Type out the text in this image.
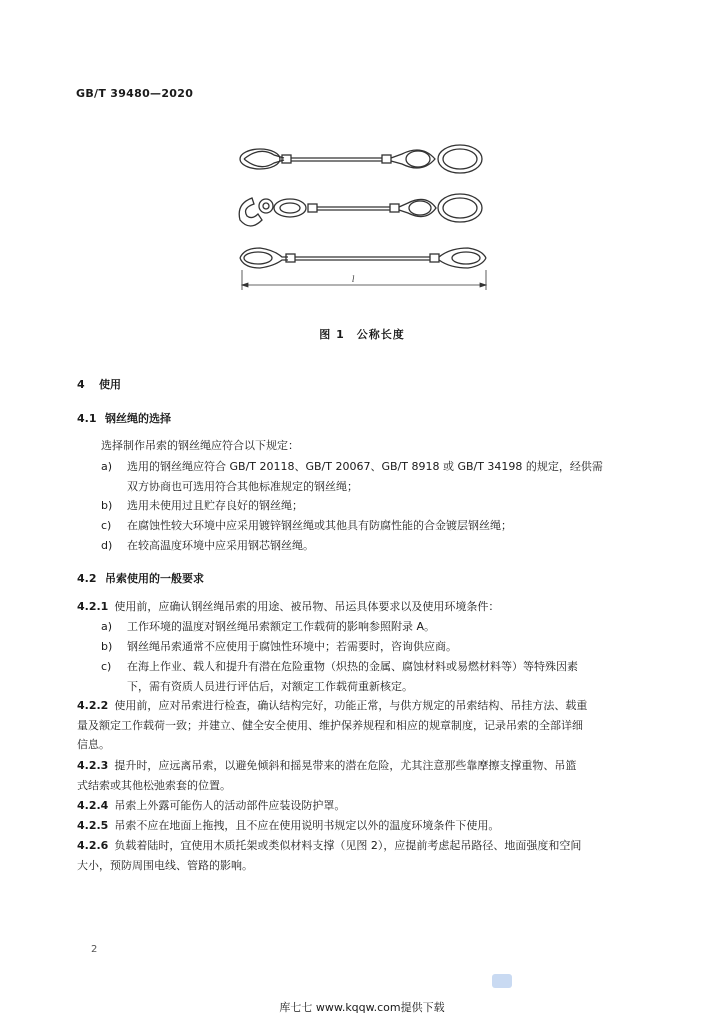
GB/T 39480—2020
l
图 1 公称长度
4 使用
4.1 钢丝绳的选择
选择制作吊索的钢丝绳应符合以下规定：
a) 选用的钢丝绳应符合 GB/T 20118、GB/T 20067、GB/T 8918 或 GB/T 34198 的规定，经供需
双方协商也可选用符合其他标准规定的钢丝绳；
b) 选用未使用过且贮存良好的钢丝绳；
c) 在腐蚀性较大环境中应采用镀锌钢丝绳或其他具有防腐性能的合金镀层钢丝绳；
d) 在较高温度环境中应采用钢芯钢丝绳。
4.2 吊索使用的一般要求
4.2.1 使用前，应确认钢丝绳吊索的用途、被吊物、吊运具体要求以及使用环境条件：
a) 工作环境的温度对钢丝绳吊索额定工作载荷的影响参照附录 A。
b) 钢丝绳吊索通常不应使用于腐蚀性环境中；若需要时，咨询供应商。
c) 在海上作业、载人和提升有潜在危险重物（炽热的金属、腐蚀材料或易燃材料等）等特殊因素
下，需有资质人员进行评估后，对额定工作载荷重新核定。
4.2.2 使用前，应对吊索进行检查，确认结构完好，功能正常，与供方规定的吊索结构、吊挂方法、载重
量及额定工作载荷一致；并建立、健全安全使用、维护保养规程和相应的规章制度，记录吊索的全部详细
信息。
4.2.3 提升时，应远离吊索，以避免倾斜和摇晃带来的潜在危险，尤其注意那些靠摩擦支撑重物、吊篮
式结索或其他松弛索套的位置。
4.2.4 吊索上外露可能伤人的活动部件应装设防护罩。
4.2.5 吊索不应在地面上拖拽，且不应在使用说明书规定以外的温度环境条件下使用。
4.2.6 负载着陆时，宜使用木质托架或类似材料支撑（见图 2），应提前考虑起吊路径、地面强度和空间
大小，预防周围电线、管路的影响。
2
库七七 www.kqqw.com提供下载
